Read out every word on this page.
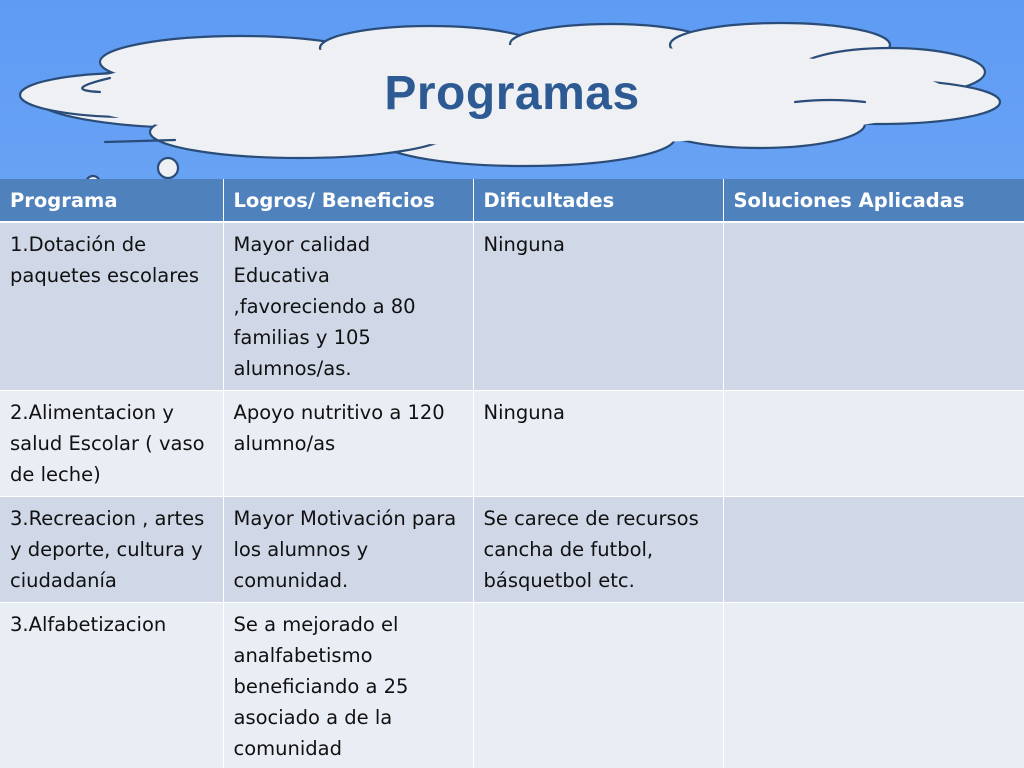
Programas
Programa	Logros/ Beneficios	Dificultades	Soluciones Aplicadas
1.Dotación de paquetes escolares	Mayor calidad Educativa ,favoreciendo a 80 familias y 105 alumnos/as.	Ninguna	
2.Alimentacion y salud Escolar ( vaso de leche)	Apoyo nutritivo a 120 alumno/as	Ninguna	
3.Recreacion , artes y deporte, cultura y ciudadanía	Mayor Motivación para los alumnos y comunidad.	Se carece de recursos cancha de futbol, básquetbol etc.	
3.Alfabetizacion	Se a mejorado el analfabetismo beneficiando a 25 asociado a de la comunidad		
